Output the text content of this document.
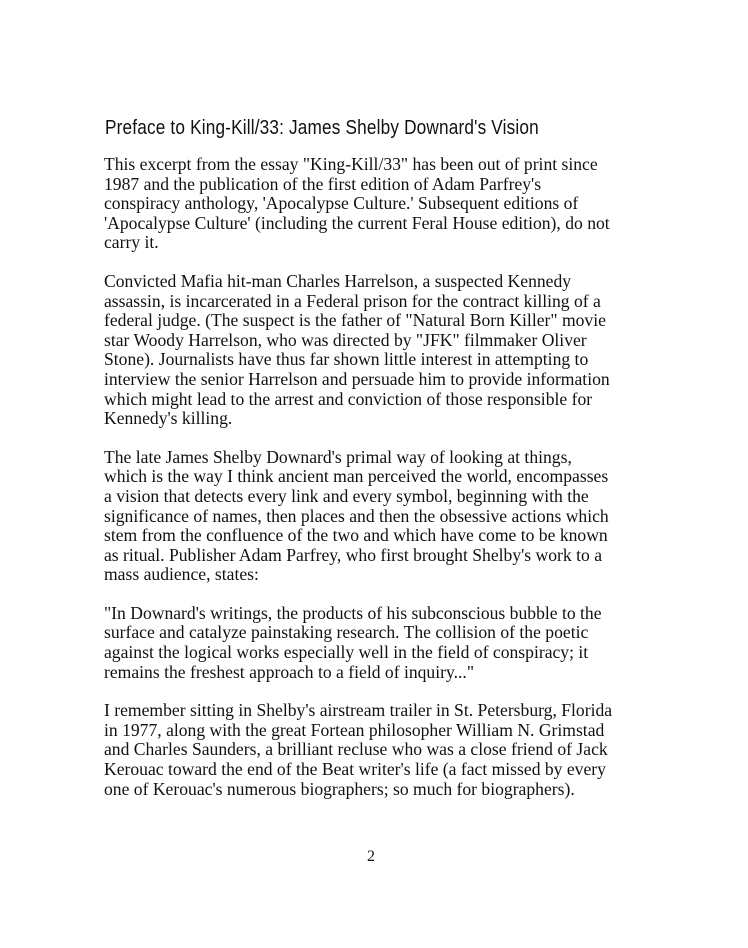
Preface to King-Kill/33: James Shelby Downard's Vision

This excerpt from the essay "King-Kill/33" has been out of print since
1987 and the publication of the first edition of Adam Parfrey's
conspiracy anthology, 'Apocalypse Culture.' Subsequent editions of
'Apocalypse Culture' (including the current Feral House edition), do not
carry it.

Convicted Mafia hit-man Charles Harrelson, a suspected Kennedy
assassin, is incarcerated in a Federal prison for the contract killing of a
federal judge. (The suspect is the father of "Natural Born Killer" movie
star Woody Harrelson, who was directed by "JFK" filmmaker Oliver
Stone). Journalists have thus far shown little interest in attempting to
interview the senior Harrelson and persuade him to provide information
which might lead to the arrest and conviction of those responsible for
Kennedy's killing.

The late James Shelby Downard's primal way of looking at things,
which is the way I think ancient man perceived the world, encompasses
a vision that detects every link and every symbol, beginning with the
significance of names, then places and then the obsessive actions which
stem from the confluence of the two and which have come to be known
as ritual. Publisher Adam Parfrey, who first brought Shelby's work to a
mass audience, states:

"In Downard's writings, the products of his subconscious bubble to the
surface and catalyze painstaking research. The collision of the poetic
against the logical works especially well in the field of conspiracy; it
remains the freshest approach to a field of inquiry..."

I remember sitting in Shelby's airstream trailer in St. Petersburg, Florida
in 1977, along with the great Fortean philosopher William N. Grimstad
and Charles Saunders, a brilliant recluse who was a close friend of Jack
Kerouac toward the end of the Beat writer's life (a fact missed by every
one of Kerouac's numerous biographers; so much for biographers).

2
